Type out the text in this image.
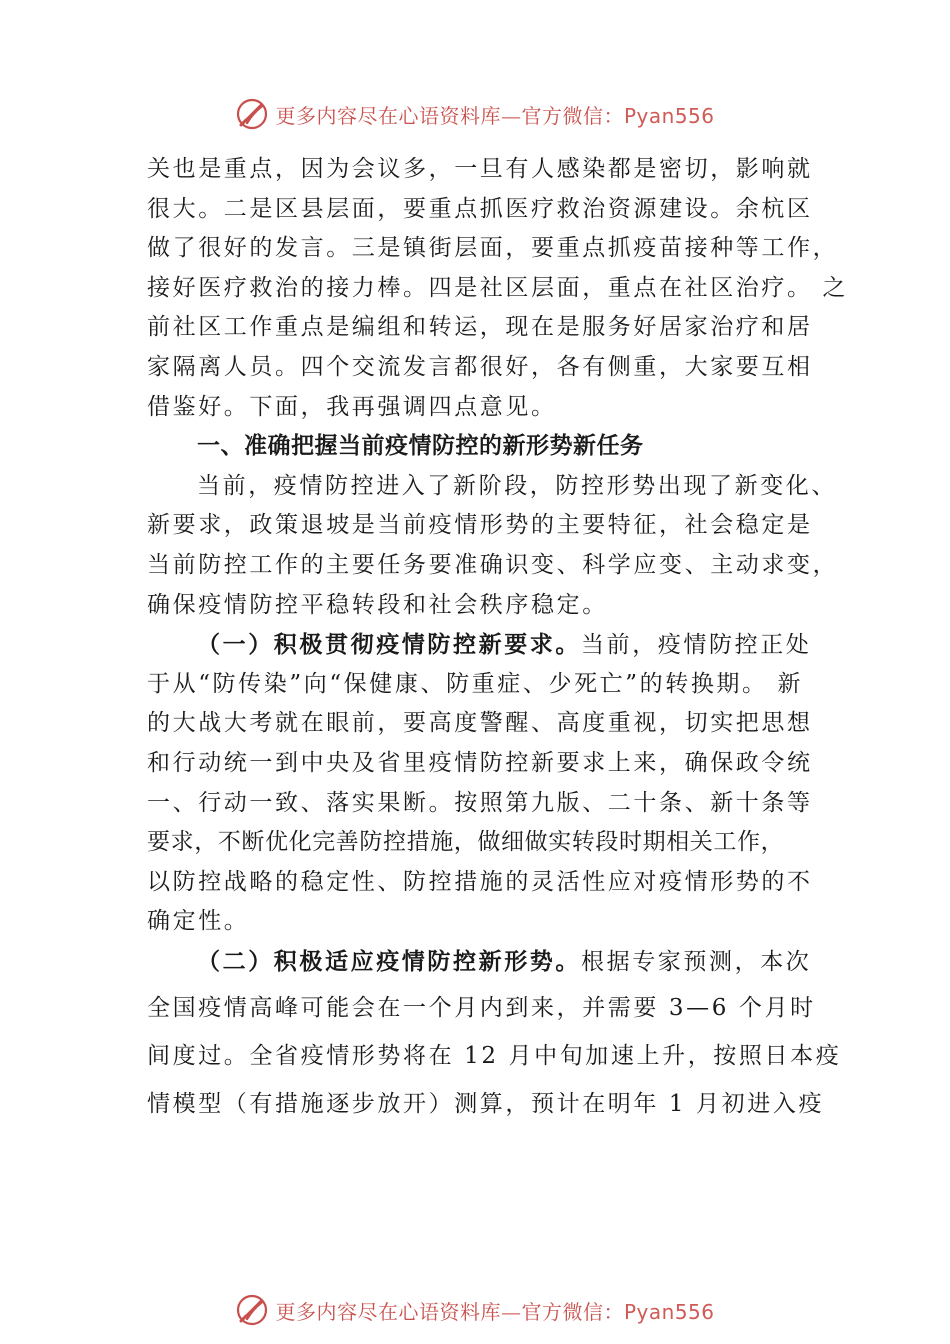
更多内容尽在心语资料库—官方微信：Pyan556
关也是重点，因为会议多，一旦有人感染都是密切，影响就
很大。二是区县层面，要重点抓医疗救治资源建设。余杭区
做了很好的发言。三是镇街层面，要重点抓疫苗接种等工作，
接好医疗救治的接力棒。四是社区层面，重点在社区治疗。 之
前社区工作重点是编组和转运，现在是服务好居家治疗和居
家隔离人员。四个交流发言都很好，各有侧重，大家要互相
借鉴好。下面，我再强调四点意见。
一、准确把握当前疫情防控的新形势新任务
当前，疫情防控进入了新阶段，防控形势出现了新变化、
新要求，政策退坡是当前疫情形势的主要特征，社会稳定是
当前防控工作的主要任务要准确识变、科学应变、主动求变，
确保疫情防控平稳转段和社会秩序稳定。
（一）积极贯彻疫情防控新要求。当前，疫情防控正处
于从“防传染”向“保健康、防重症、少死亡”的转换期。 新
的大战大考就在眼前，要高度警醒、高度重视，切实把思想
和行动统一到中央及省里疫情防控新要求上来，确保政令统
一、行动一致、落实果断。按照第九版、二十条、新十条等
要求，不断优化完善防控措施，做细做实转段时期相关工作，
以防控战略的稳定性、防控措施的灵活性应对疫情形势的不
确定性。
（二）积极适应疫情防控新形势。根据专家预测，本次
全国疫情高峰可能会在一个月内到来，并需要 3—6 个月时
间度过。全省疫情形势将在 12 月中旬加速上升，按照日本疫
情模型（有措施逐步放开）测算，预计在明年 1 月初进入疫
更多内容尽在心语资料库—官方微信：Pyan556
